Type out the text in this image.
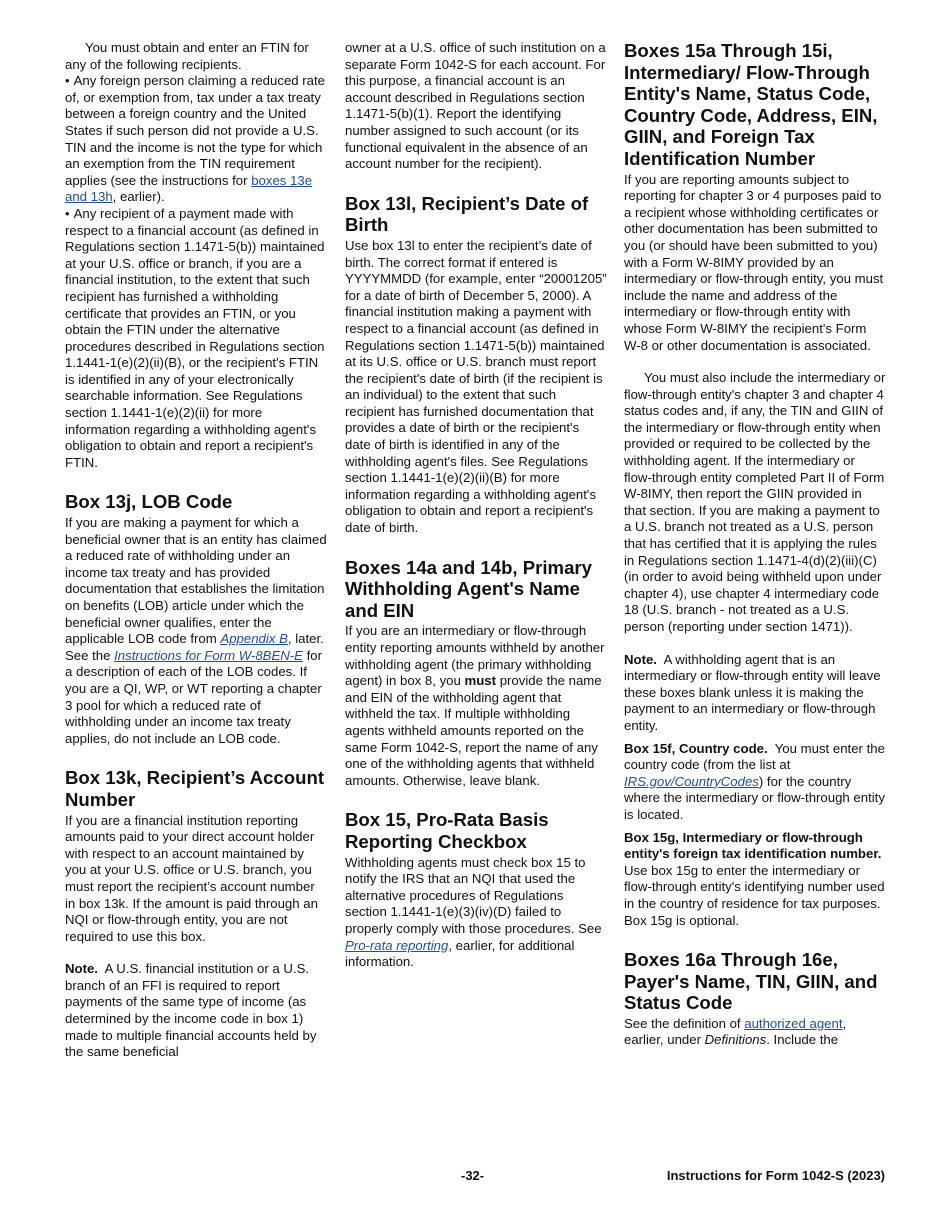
You must obtain and enter an FTIN for any of the following recipients.

• Any foreign person claiming a reduced rate of, or exemption from, tax under a tax treaty between a foreign country and the United States if such person did not provide a U.S. TIN and the income is not the type for which an exemption from the TIN requirement applies (see the instructions for boxes 13e and 13h, earlier).

• Any recipient of a payment made with respect to a financial account (as defined in Regulations section 1.1471-5(b)) maintained at your U.S. office or branch, if you are a financial institution, to the extent that such recipient has furnished a withholding certificate that provides an FTIN, or you obtain the FTIN under the alternative procedures described in Regulations section 1.1441-1(e)(2)(ii)(B), or the recipient's FTIN is identified in any of your electronically searchable information. See Regulations section 1.1441-1(e)(2)(ii) for more information regarding a withholding agent's obligation to obtain and report a recipient's FTIN.

Box 13j, LOB Code

If you are making a payment for which a beneficial owner that is an entity has claimed a reduced rate of withholding under an income tax treaty and has provided documentation that establishes the limitation on benefits (LOB) article under which the beneficial owner qualifies, enter the applicable LOB code from Appendix B, later. See the Instructions for Form W-8BEN-E for a description of each of the LOB codes. If you are a QI, WP, or WT reporting a chapter 3 pool for which a reduced rate of withholding under an income tax treaty applies, do not include an LOB code.

Box 13k, Recipient’s Account Number

If you are a financial institution reporting amounts paid to your direct account holder with respect to an account maintained by you at your U.S. office or U.S. branch, you must report the recipient’s account number in box 13k. If the amount is paid through an NQI or flow-through entity, you are not required to use this box.

Note. A U.S. financial institution or a U.S. branch of an FFI is required to report payments of the same type of income (as determined by the income code in box 1) made to multiple financial accounts held by the same beneficial

owner at a U.S. office of such institution on a separate Form 1042-S for each account. For this purpose, a financial account is an account described in Regulations section 1.1471-5(b)(1). Report the identifying number assigned to such account (or its functional equivalent in the absence of an account number for the recipient).

Box 13l, Recipient’s Date of Birth

Use box 13l to enter the recipient’s date of birth. The correct format if entered is YYYYMMDD (for example, enter “20001205” for a date of birth of December 5, 2000). A financial institution making a payment with respect to a financial account (as defined in Regulations section 1.1471-5(b)) maintained at its U.S. office or U.S. branch must report the recipient's date of birth (if the recipient is an individual) to the extent that such recipient has furnished documentation that provides a date of birth or the recipient's date of birth is identified in any of the withholding agent's files. See Regulations section 1.1441-1(e)(2)(ii)(B) for more information regarding a withholding agent's obligation to obtain and report a recipient's date of birth.

Boxes 14a and 14b, Primary Withholding Agent's Name and EIN

If you are an intermediary or flow-through entity reporting amounts withheld by another withholding agent (the primary withholding agent) in box 8, you must provide the name and EIN of the withholding agent that withheld the tax. If multiple withholding agents withheld amounts reported on the same Form 1042-S, report the name of any one of the withholding agents that withheld amounts. Otherwise, leave blank.

Box 15, Pro-Rata Basis Reporting Checkbox

Withholding agents must check box 15 to notify the IRS that an NQI that used the alternative procedures of Regulations section 1.1441-1(e)(3)(iv)(D) failed to properly comply with those procedures. See Pro-rata reporting, earlier, for additional information.

Boxes 15a Through 15i, Intermediary/ Flow-Through Entity's Name, Status Code, Country Code, Address, EIN, GIIN, and Foreign Tax Identification Number

If you are reporting amounts subject to reporting for chapter 3 or 4 purposes paid to a recipient whose withholding certificates or other documentation has been submitted to you (or should have been submitted to you) with a Form W-8IMY provided by an intermediary or flow-through entity, you must include the name and address of the intermediary or flow-through entity with whose Form W-8IMY the recipient's Form W-8 or other documentation is associated.

You must also include the intermediary or flow-through entity's chapter 3 and chapter 4 status codes and, if any, the TIN and GIIN of the intermediary or flow-through entity when provided or required to be collected by the withholding agent. If the intermediary or flow-through entity completed Part II of Form W-8IMY, then report the GIIN provided in that section. If you are making a payment to a U.S. branch not treated as a U.S. person that has certified that it is applying the rules in Regulations section 1.1471-4(d)(2)(iii)(C) (in order to avoid being withheld upon under chapter 4), use chapter 4 intermediary code 18 (U.S. branch - not treated as a U.S. person (reporting under section 1471)).

Note. A withholding agent that is an intermediary or flow-through entity will leave these boxes blank unless it is making the payment to an intermediary or flow-through entity.

Box 15f, Country code. You must enter the country code (from the list at IRS.gov/CountryCodes) for the country where the intermediary or flow-through entity is located.

Box 15g, Intermediary or flow-through entity's foreign tax identification number.  Use box 15g to enter the intermediary or flow-through entity's identifying number used in the country of residence for tax purposes. Box 15g is optional.

Boxes 16a Through 16e, Payer's Name, TIN, GIIN, and Status Code

See the definition of authorized agent, earlier, under Definitions. Include the

-32-	Instructions for Form 1042-S (2023)
